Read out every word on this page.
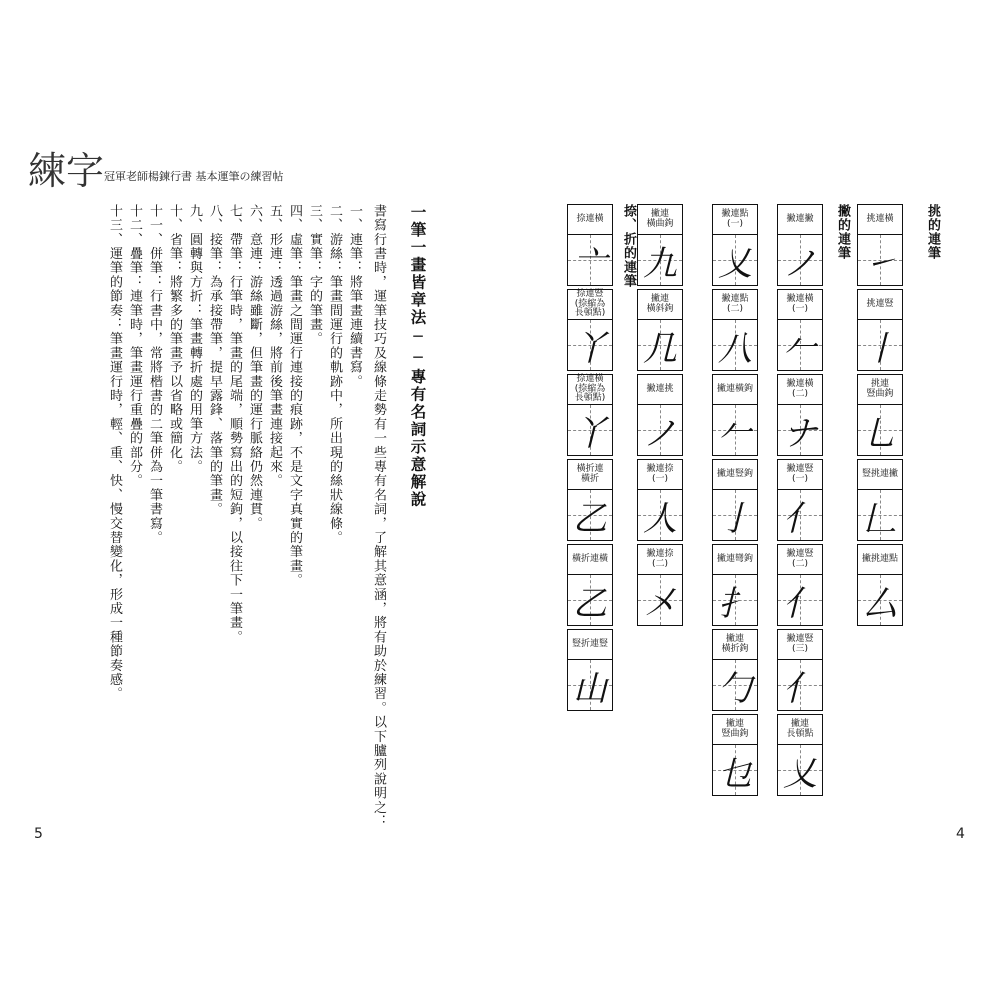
練字 冠軍老師楊鍊行書 基本運筆の練習帖
一筆一畫皆章法──專有名詞示意解說
書寫行書時，運筆技巧及線條走勢有一些專有名詞，了解其意涵，將有助於練習。以下臚列說明之：
一、連筆：將筆畫連續書寫。
二、游絲：筆畫間運行的軌跡中，所出現的絲狀線條。
三、實筆：字的筆畫。
四、虛筆：筆畫之間運行連接的痕跡，不是文字真實的筆畫。
五、形連：透過游絲，將前後筆畫連接起來。
六、意連：游絲雖斷，但筆畫的運行脈絡仍然連貫。
七、帶筆：行筆時，筆畫的尾端，順勢寫出的短鉤，以接往下一筆畫。
八、接筆：為承接帶筆，提早露鋒、落筆的筆畫。
九、圓轉與方折：筆畫轉折處的用筆方法。
十、省筆：將繁多的筆畫予以省略或簡化。
十一、併筆：行書中，常將楷書的二筆併為一筆書寫。
十二、疊筆：連筆時，筆畫運行重疊的部分。
十三、運筆的節奏：筆畫運行時，輕、重、快、慢交替變化，形成一種節奏感。
5	4
挑的連筆
撇的連筆
捺、折的連筆	挑連橫
㇀
挑連豎
丨
挑連
豎曲鉤
乚
豎挑連撇
𠃊
撇挑連點
厶
撇連撇
ノ
撇連橫
(一)
𠂉
撇連橫
(二)
ナ
撇連豎
(一)
亻
撇連豎
(二)
亻
撇連豎
(三)
亻
撇連
長頓點
乂
撇連點
(一)
乂
撇連點
(二)
八
撇連橫鉤
𠂉
撇連豎鉤
亅
撇連彎鉤
扌
撇連
橫折鉤
勹
撇連
豎曲鉤
乜
撇連
橫曲鉤
九
撇連
橫斜鉤
几
撇連挑
ノ
撇連捺
(一)
人
撇連捺
(二)
㐅
捺連橫
亠
捺連豎
(捺縮為
長頓點)
丫
捺連橫
(捺縮為
長頓點)
丫
橫折連
橫折
乙
橫折連橫
乙
豎折連豎
山
